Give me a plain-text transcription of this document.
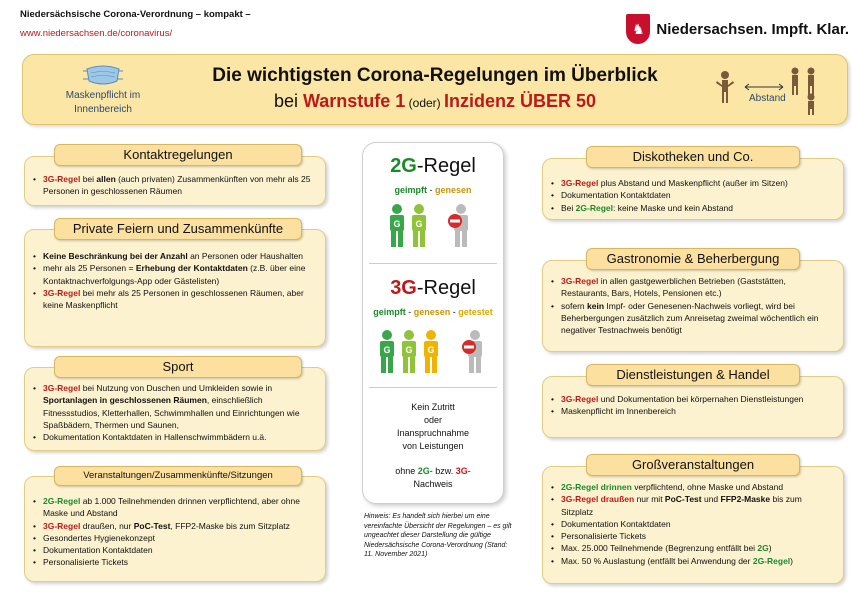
Niedersächsische Corona-Verordnung – kompakt –
www.niedersachsen.de/coronavirus/	♞ Niedersachsen. Impft. Klar.
Maskenpflicht im Innenbereich
Die wichtigsten Corona-Regelungen im Überblick
bei Warnstufe 1 (oder) Inzidenz ÜBER 50	Abstand
• 3G-Regel bei allen (auch privaten) Zusammenkünften von mehr als 25 Personen in geschlossenen Räumen
Kontaktregelungen
• Keine Beschränkung bei der Anzahl an Personen oder Haushalten
• mehr als 25 Personen = Erhebung der Kontaktdaten (z.B. über eine Kontaktnachverfolgungs-App oder Gästelisten)
• 3G-Regel bei mehr als 25 Personen in geschlossenen Räumen, aber keine Maskenpflicht
Private Feiern und Zusammenkünfte
• 3G-Regel bei Nutzung von Duschen und Umkleiden sowie in Sportanlagen in geschlossenen Räumen, einschließlich Fitnessstudios, Kletterhallen, Schwimmhallen und Einrichtungen wie Spaßbädern, Thermen und Saunen,
• Dokumentation Kontaktdaten in Hallenschwimmbädern u.ä.
Sport
• 2G-Regel ab 1.000 Teilnehmenden drinnen verpflichtend, aber ohne Maske und Abstand
• 3G-Regel draußen, nur PoC-Test, FFP2-Maske bis zum Sitzplatz
• Gesondertes Hygienekonzept
• Dokumentation Kontaktdaten
• Personalisierte Tickets
Veranstaltungen/Zusammenkünfte/Sitzungen
2G-Regel
geimpft - genesen
G G
3G-Regel
geimpft - genesen - getestet
G G G
Kein Zutritt
oder
Inanspruchnahme
von Leistungen
ohne 2G- bzw. 3G-
Nachweis
Hinweis: Es handelt sich hierbei um eine vereinfachte Übersicht der Regelungen – es gilt ungeachtet dieser Darstellung die gültige Niedersächsische Corona-Verordnung (Stand: 11. November 2021)
• 3G-Regel plus Abstand und Maskenpflicht (außer im Sitzen)
• Dokumentation Kontaktdaten
• Bei 2G-Regel: keine Maske und kein Abstand
Diskotheken und Co.
• 3G-Regel in allen gastgewerblichen Betrieben (Gaststätten, Restaurants, Bars, Hotels, Pensionen etc.)
• sofern kein Impf- oder Genesenen-Nachweis vorliegt, wird bei Beherbergungen zusätzlich zum Anreisetag zweimal wöchentlich ein negativer Testnachweis benötigt
Gastronomie & Beherbergung
• 3G-Regel und Dokumentation bei körpernahen Dienstleistungen
• Maskenpflicht im Innenbereich
Dienstleistungen & Handel
• 2G-Regel drinnen verpflichtend, ohne Maske und Abstand
• 3G-Regel draußen nur mit PoC-Test und FFP2-Maske bis zum Sitzplatz
• Dokumentation Kontaktdaten
• Personalisierte Tickets
• Max. 25.000 Teilnehmende (Begrenzung entfällt bei 2G)
• Max. 50 % Auslastung (entfällt bei Anwendung der 2G-Regel)
Großveranstaltungen
